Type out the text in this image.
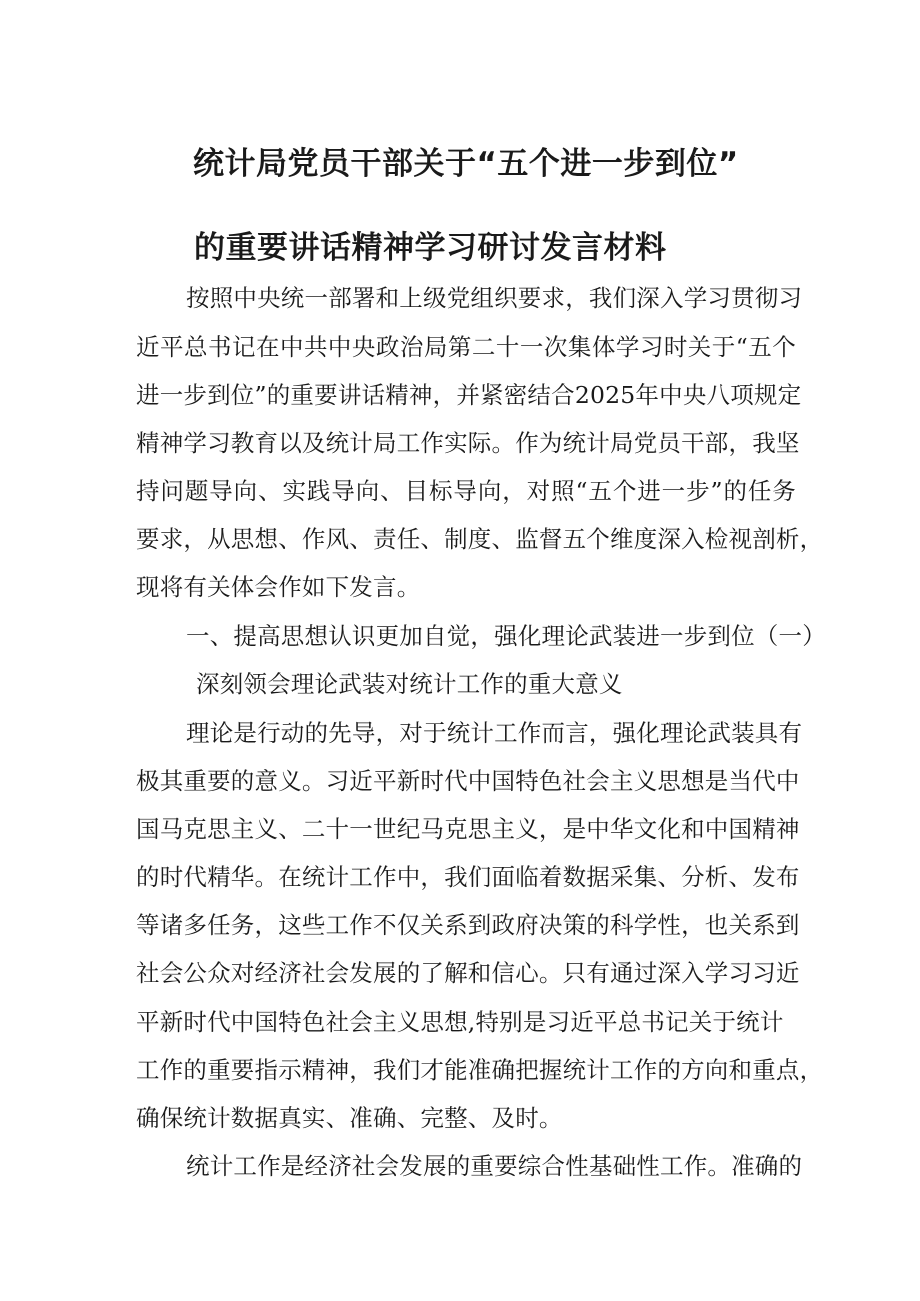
统计局党员干部关于“五个进一步到位”
的重要讲话精神学习研讨发言材料
按照中央统一部署和上级党组织要求，我们深入学习贯彻习
近平总书记在中共中央政治局第二十一次集体学习时关于“五个
进一步到位”的重要讲话精神，并紧密结合2025年中央八项规定
精神学习教育以及统计局工作实际。作为统计局党员干部，我坚
持问题导向、实践导向、目标导向，对照“五个进一步”的任务
要求，从思想、作风、责任、制度、监督五个维度深入检视剖析，
现将有关体会作如下发言。
一、提高思想认识更加自觉，强化理论武装进一步到位（一）
深刻领会理论武装对统计工作的重大意义
理论是行动的先导，对于统计工作而言，强化理论武装具有
极其重要的意义。习近平新时代中国特色社会主义思想是当代中
国马克思主义、二十一世纪马克思主义，是中华文化和中国精神
的时代精华。在统计工作中，我们面临着数据采集、分析、发布
等诸多任务，这些工作不仅关系到政府决策的科学性，也关系到
社会公众对经济社会发展的了解和信心。只有通过深入学习习近
平新时代中国特色社会主义思想,特别是习近平总书记关于统计
工作的重要指示精神，我们才能准确把握统计工作的方向和重点，
确保统计数据真实、准确、完整、及时。
统计工作是经济社会发展的重要综合性基础性工作。准确的
